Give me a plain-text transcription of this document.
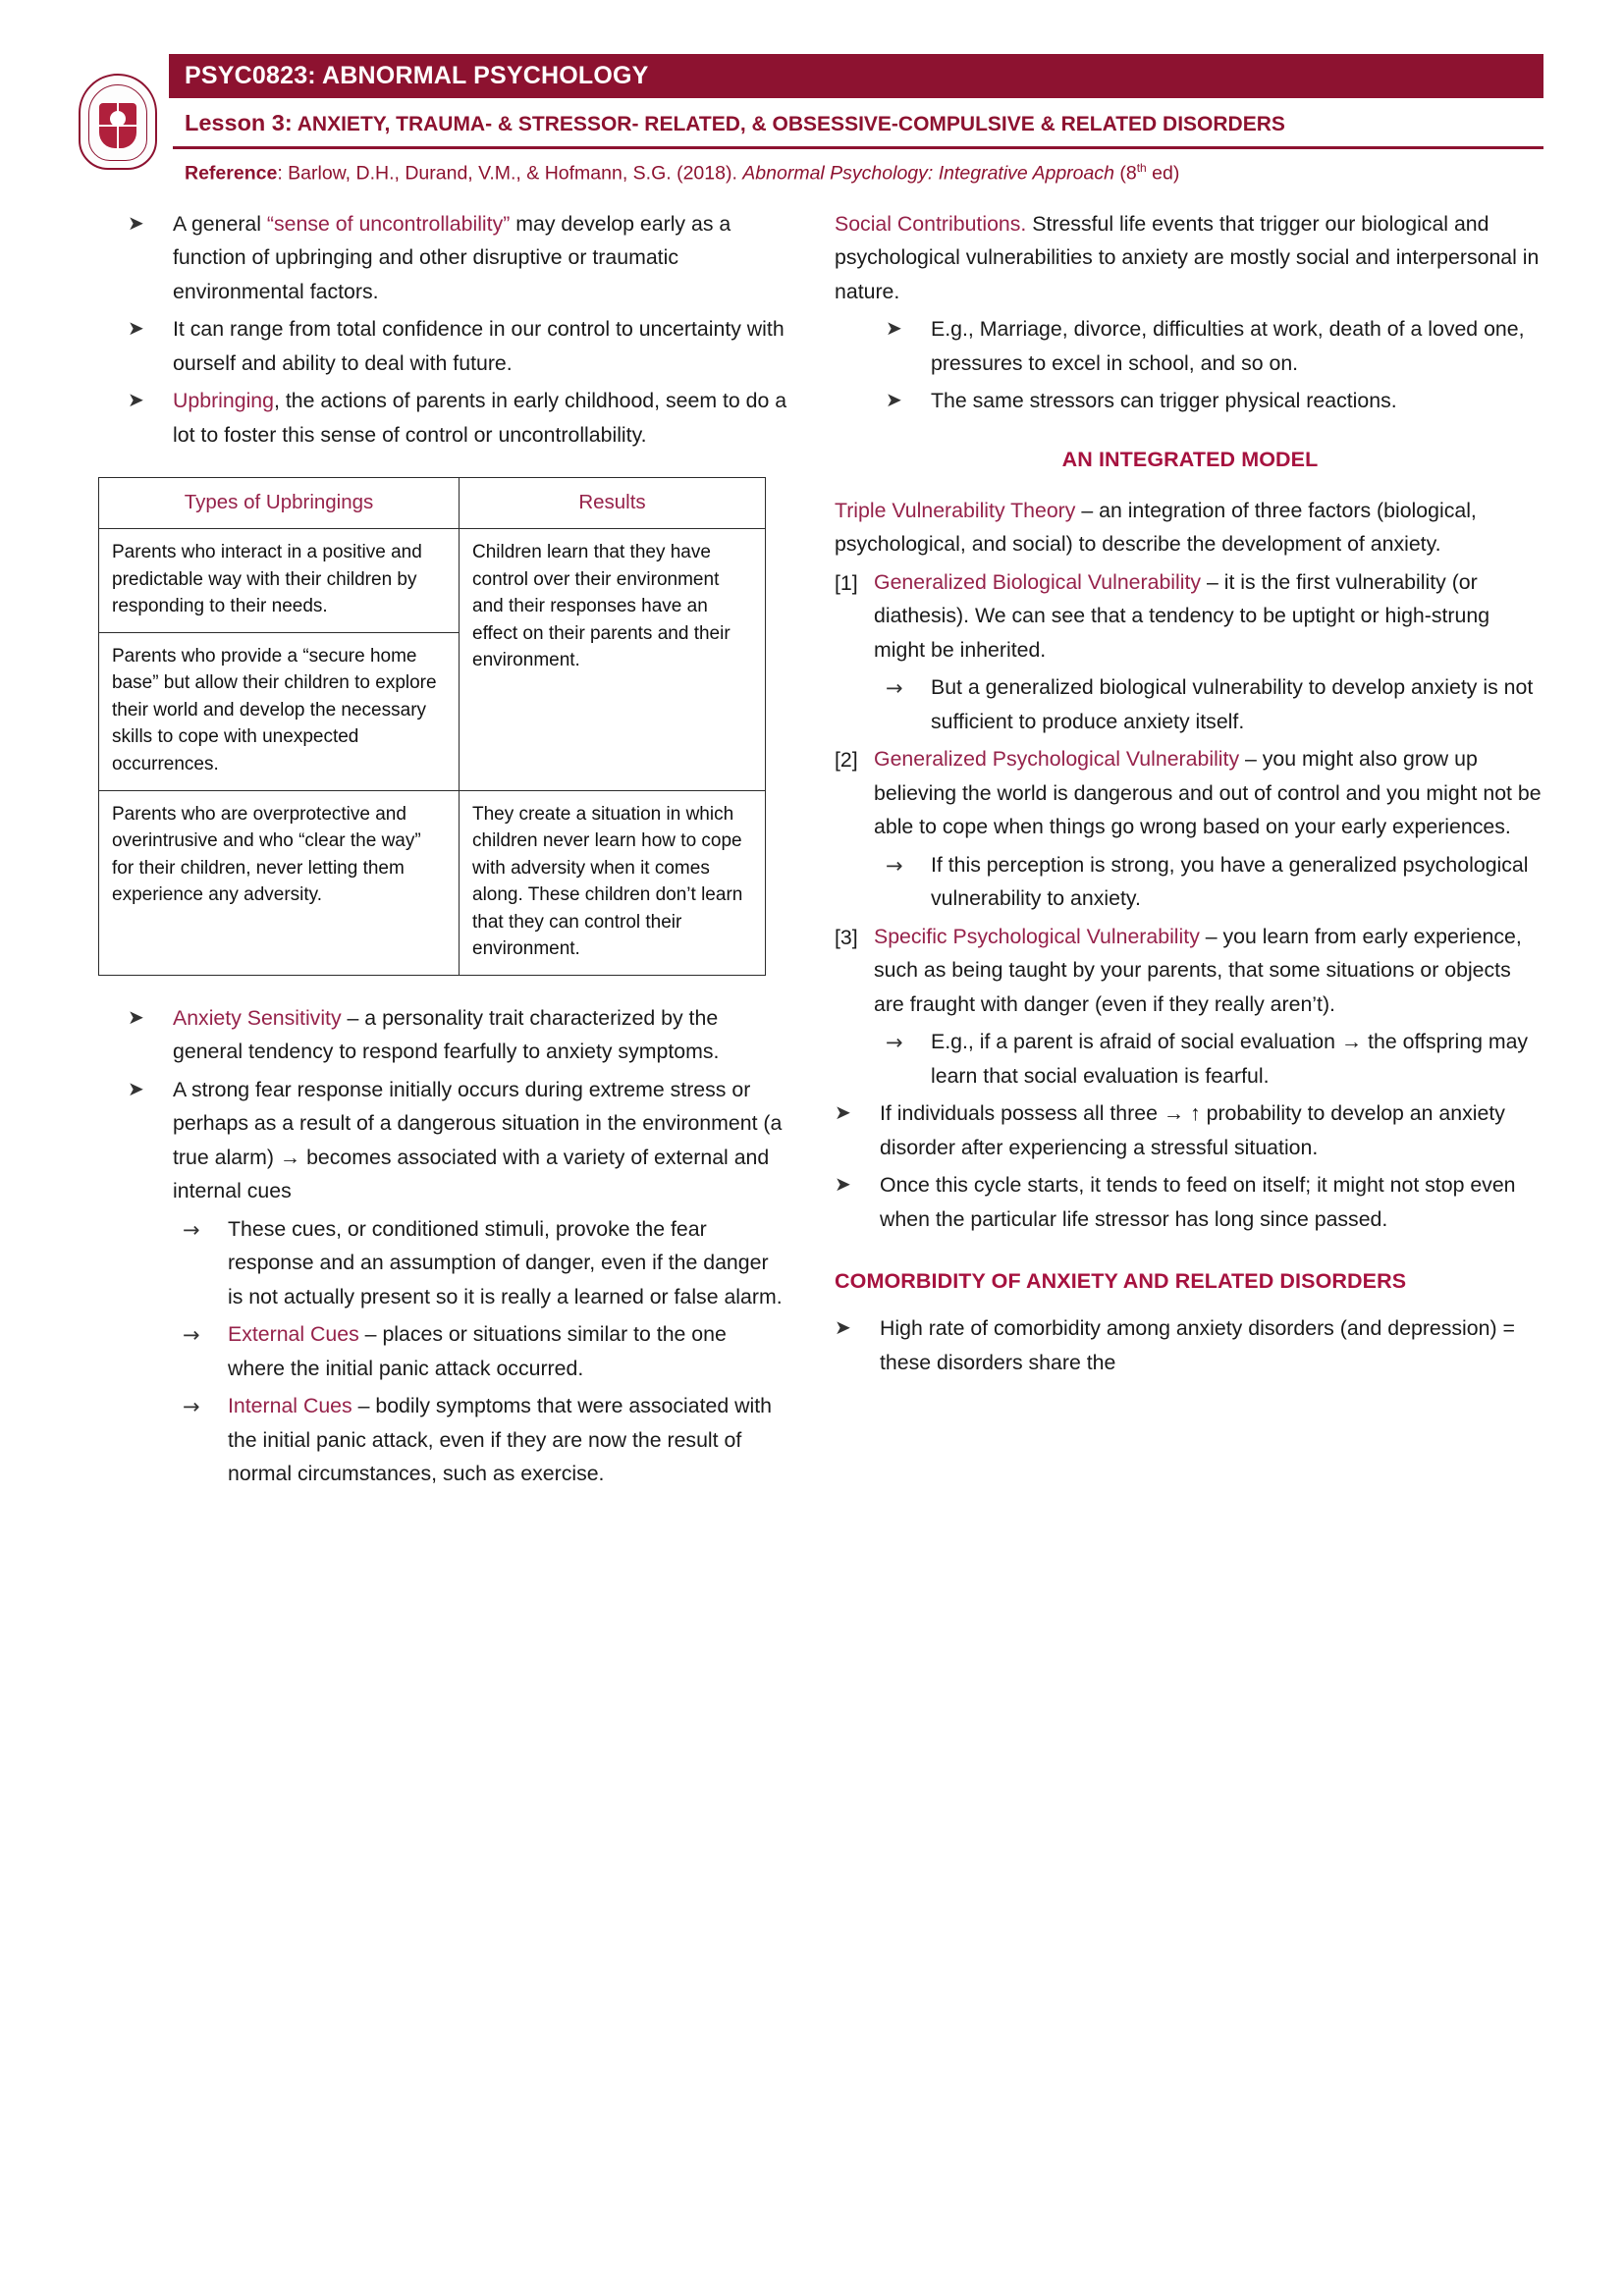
PSYC0823: ABNORMAL PSYCHOLOGY
Lesson 3: ANXIETY, TRAUMA- & STRESSOR- RELATED, & OBSESSIVE-COMPULSIVE & RELATED DISORDERS
Reference: Barlow, D.H., Durand, V.M., & Hofmann, S.G. (2018). Abnormal Psychology: Integrative Approach (8th ed)
➤	A general “sense of uncontrollability” may develop early as a function of upbringing and other disruptive or traumatic environmental factors.
➤	It can range from total confidence in our control to uncertainty with ourself and ability to deal with future.
➤	Upbringing, the actions of parents in early childhood, seem to do a lot to foster this sense of control or uncontrollability.
Types of Upbringings	Results
Parents who interact in a positive and predictable way with their children by responding to their needs.	Children learn that they have control over their environment and their responses have an effect on their parents and their environment.
Parents who provide a “secure home base” but allow their children to explore their world and develop the necessary skills to cope with unexpected occurrences.	
Parents who are overprotective and overintrusive and who “clear the way” for their children, never letting them experience any adversity.	They create a situation in which children never learn how to cope with adversity when it comes along. These children don’t learn that they can control their environment.
➤	Anxiety Sensitivity – a personality trait characterized by the general tendency to respond fearfully to anxiety symptoms.
➤	A strong fear response initially occurs during extreme stress or perhaps as a result of a dangerous situation in the environment (a true alarm) → becomes associated with a variety of external and internal cues
→	These cues, or conditioned stimuli, provoke the fear response and an assumption of danger, even if the danger is not actually present so it is really a learned or false alarm.
→	External Cues – places or situations similar to the one where the initial panic attack occurred.
→	Internal Cues – bodily symptoms that were associated with the initial panic attack, even if they are now the result of normal circumstances, such as exercise.
Social Contributions. Stressful life events that trigger our biological and psychological vulnerabilities to anxiety are mostly social and interpersonal in nature.
➤	E.g., Marriage, divorce, difficulties at work, death of a loved one, pressures to excel in school, and so on.
➤	The same stressors can trigger physical reactions.
AN INTEGRATED MODEL
Triple Vulnerability Theory – an integration of three factors (biological, psychological, and social) to describe the development of anxiety.
[1] Generalized Biological Vulnerability – it is the first vulnerability (or diathesis). We can see that a tendency to be uptight or high-strung might be inherited.
→	But a generalized biological vulnerability to develop anxiety is not sufficient to produce anxiety itself.
[2] Generalized Psychological Vulnerability – you might also grow up believing the world is dangerous and out of control and you might not be able to cope when things go wrong based on your early experiences.
→	If this perception is strong, you have a generalized psychological vulnerability to anxiety.
[3] Specific Psychological Vulnerability – you learn from early experience, such as being taught by your parents, that some situations or objects are fraught with danger (even if they really aren’t).
→	E.g., if a parent is afraid of social evaluation → the offspring may learn that social evaluation is fearful.
➤	If individuals possess all three → ↑ probability to develop an anxiety disorder after experiencing a stressful situation.
➤	Once this cycle starts, it tends to feed on itself; it might not stop even when the particular life stressor has long since passed.
COMORBIDITY OF ANXIETY AND RELATED DISORDERS
➤	High rate of comorbidity among anxiety disorders (and depression) = these disorders share the
